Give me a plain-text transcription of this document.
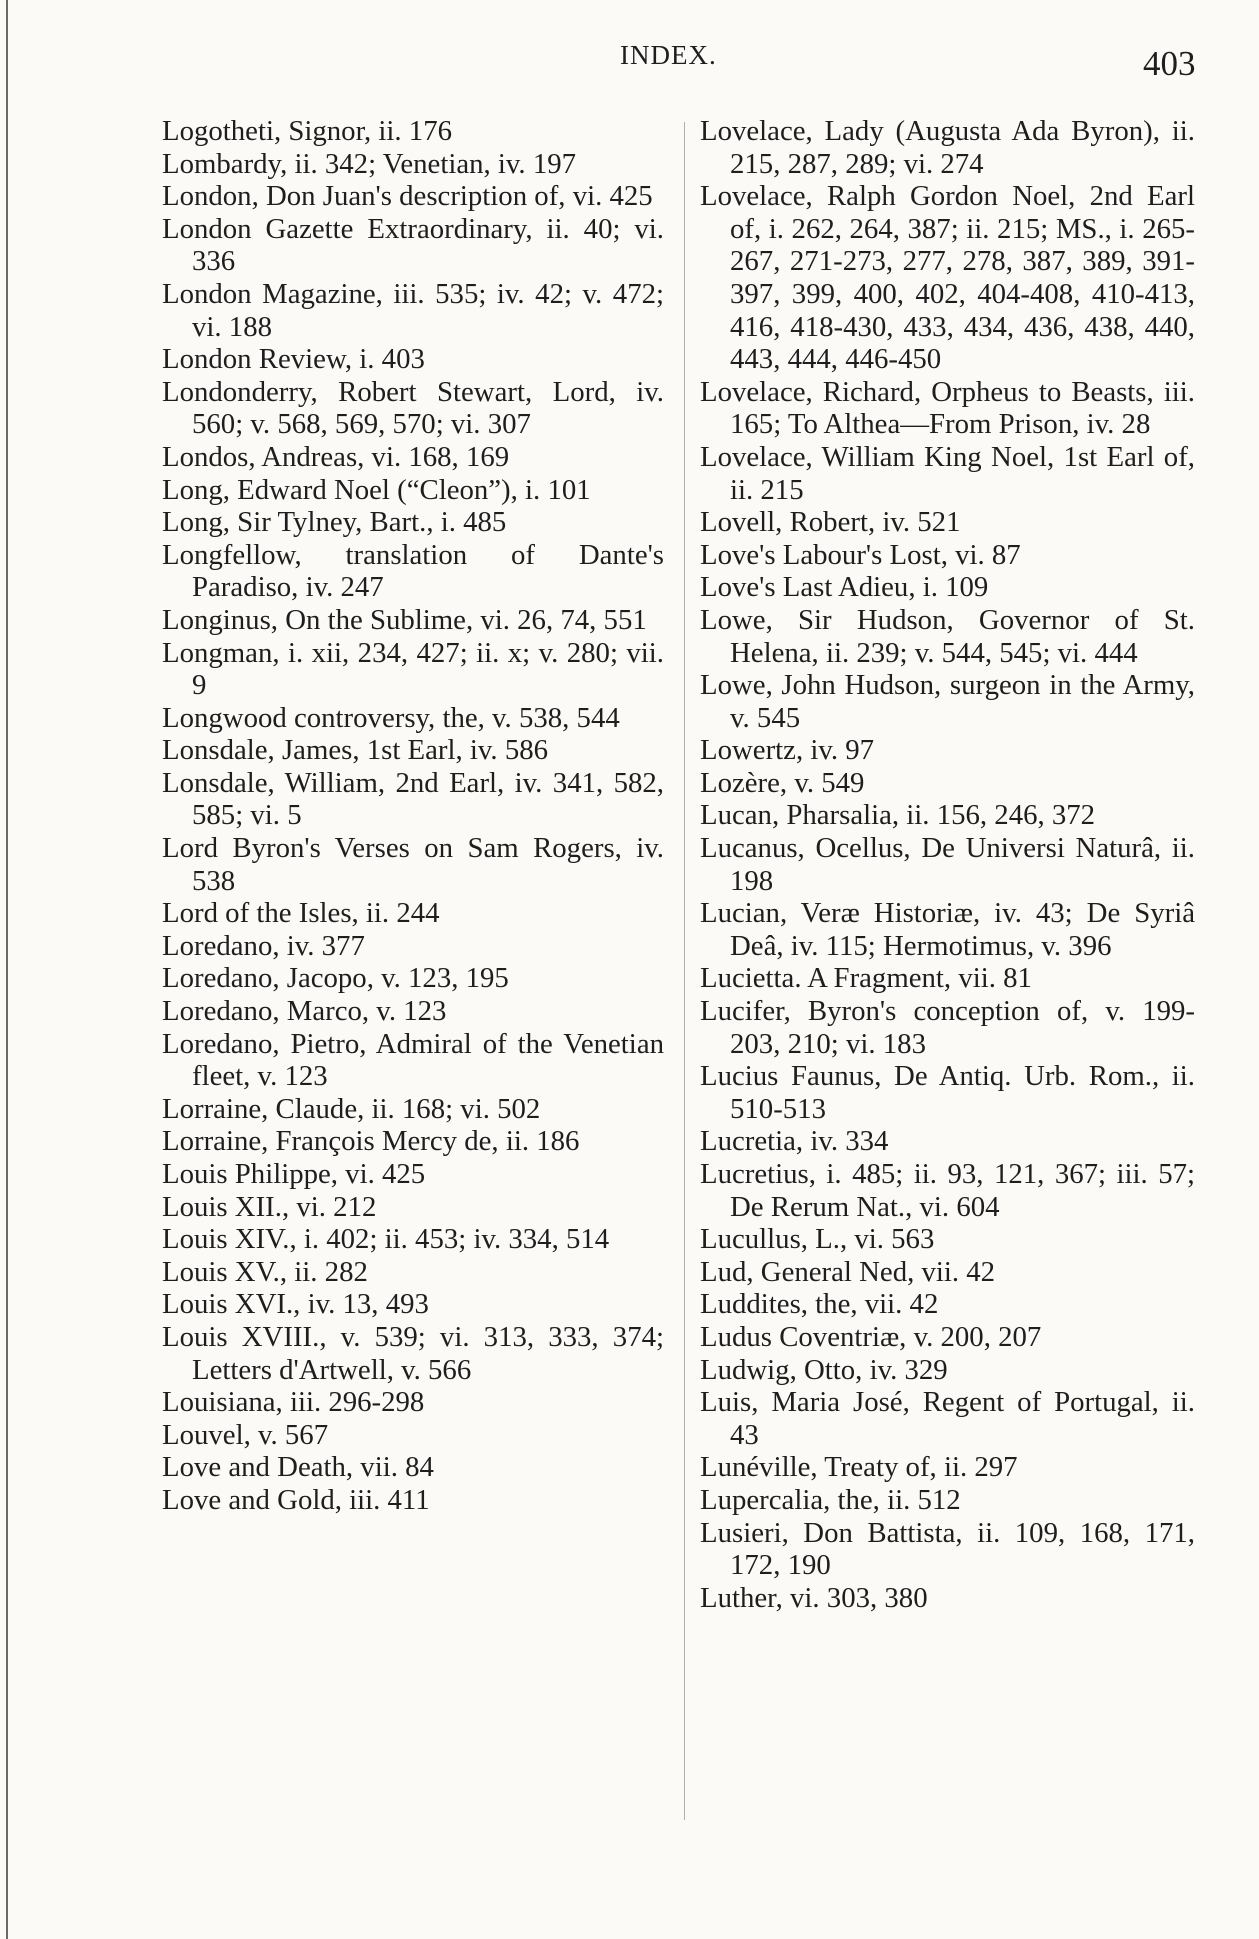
INDEX.	403
Logotheti, Signor, ii. 176
Lombardy, ii. 342; Venetian, iv. 197
London, Don Juan's description of, vi. 425
London Gazette Extraordinary, ii. 40; vi. 336
London Magazine, iii. 535; iv. 42; v. 472; vi. 188
London Review, i. 403
Londonderry, Robert Stewart, Lord, iv. 560; v. 568, 569, 570; vi. 307
Londos, Andreas, vi. 168, 169
Long, Edward Noel (“Cleon”), i. 101
Long, Sir Tylney, Bart., i. 485
Longfellow, translation of Dante's Paradiso, iv. 247
Longinus, On the Sublime, vi. 26, 74, 551
Longman, i. xii, 234, 427; ii. x; v. 280; vii. 9
Longwood controversy, the, v. 538, 544
Lonsdale, James, 1st Earl, iv. 586
Lonsdale, William, 2nd Earl, iv. 341, 582, 585; vi. 5
Lord Byron's Verses on Sam Rogers, iv. 538
Lord of the Isles, ii. 244
Loredano, iv. 377
Loredano, Jacopo, v. 123, 195
Loredano, Marco, v. 123
Loredano, Pietro, Admiral of the Venetian fleet, v. 123
Lorraine, Claude, ii. 168; vi. 502
Lorraine, François Mercy de, ii. 186
Louis Philippe, vi. 425
Louis XII., vi. 212
Louis XIV., i. 402; ii. 453; iv. 334, 514
Louis XV., ii. 282
Louis XVI., iv. 13, 493
Louis XVIII., v. 539; vi. 313, 333, 374; Letters d'Artwell, v. 566
Louisiana, iii. 296-298
Louvel, v. 567
Love and Death, vii. 84
Love and Gold, iii. 411
Lovelace, Lady (Augusta Ada Byron), ii. 215, 287, 289; vi. 274
Lovelace, Ralph Gordon Noel, 2nd Earl of, i. 262, 264, 387; ii. 215; MS., i. 265-267, 271-273, 277, 278, 387, 389, 391-397, 399, 400, 402, 404-408, 410-413, 416, 418-430, 433, 434, 436, 438, 440, 443, 444, 446-450
Lovelace, Richard, Orpheus to Beasts, iii. 165; To Althea—From Prison, iv. 28
Lovelace, William King Noel, 1st Earl of, ii. 215
Lovell, Robert, iv. 521
Love's Labour's Lost, vi. 87
Love's Last Adieu, i. 109
Lowe, Sir Hudson, Governor of St. Helena, ii. 239; v. 544, 545; vi. 444
Lowe, John Hudson, surgeon in the Army, v. 545
Lowertz, iv. 97
Lozère, v. 549
Lucan, Pharsalia, ii. 156, 246, 372
Lucanus, Ocellus, De Universi Naturâ, ii. 198
Lucian, Veræ Historiæ, iv. 43; De Syriâ Deâ, iv. 115; Hermotimus, v. 396
Lucietta. A Fragment, vii. 81
Lucifer, Byron's conception of, v. 199-203, 210; vi. 183
Lucius Faunus, De Antiq. Urb. Rom., ii. 510-513
Lucretia, iv. 334
Lucretius, i. 485; ii. 93, 121, 367; iii. 57; De Rerum Nat., vi. 604
Lucullus, L., vi. 563
Lud, General Ned, vii. 42
Luddites, the, vii. 42
Ludus Coventriæ, v. 200, 207
Ludwig, Otto, iv. 329
Luis, Maria José, Regent of Portugal, ii. 43
Lunéville, Treaty of, ii. 297
Lupercalia, the, ii. 512
Lusieri, Don Battista, ii. 109, 168, 171, 172, 190
Luther, vi. 303, 380
